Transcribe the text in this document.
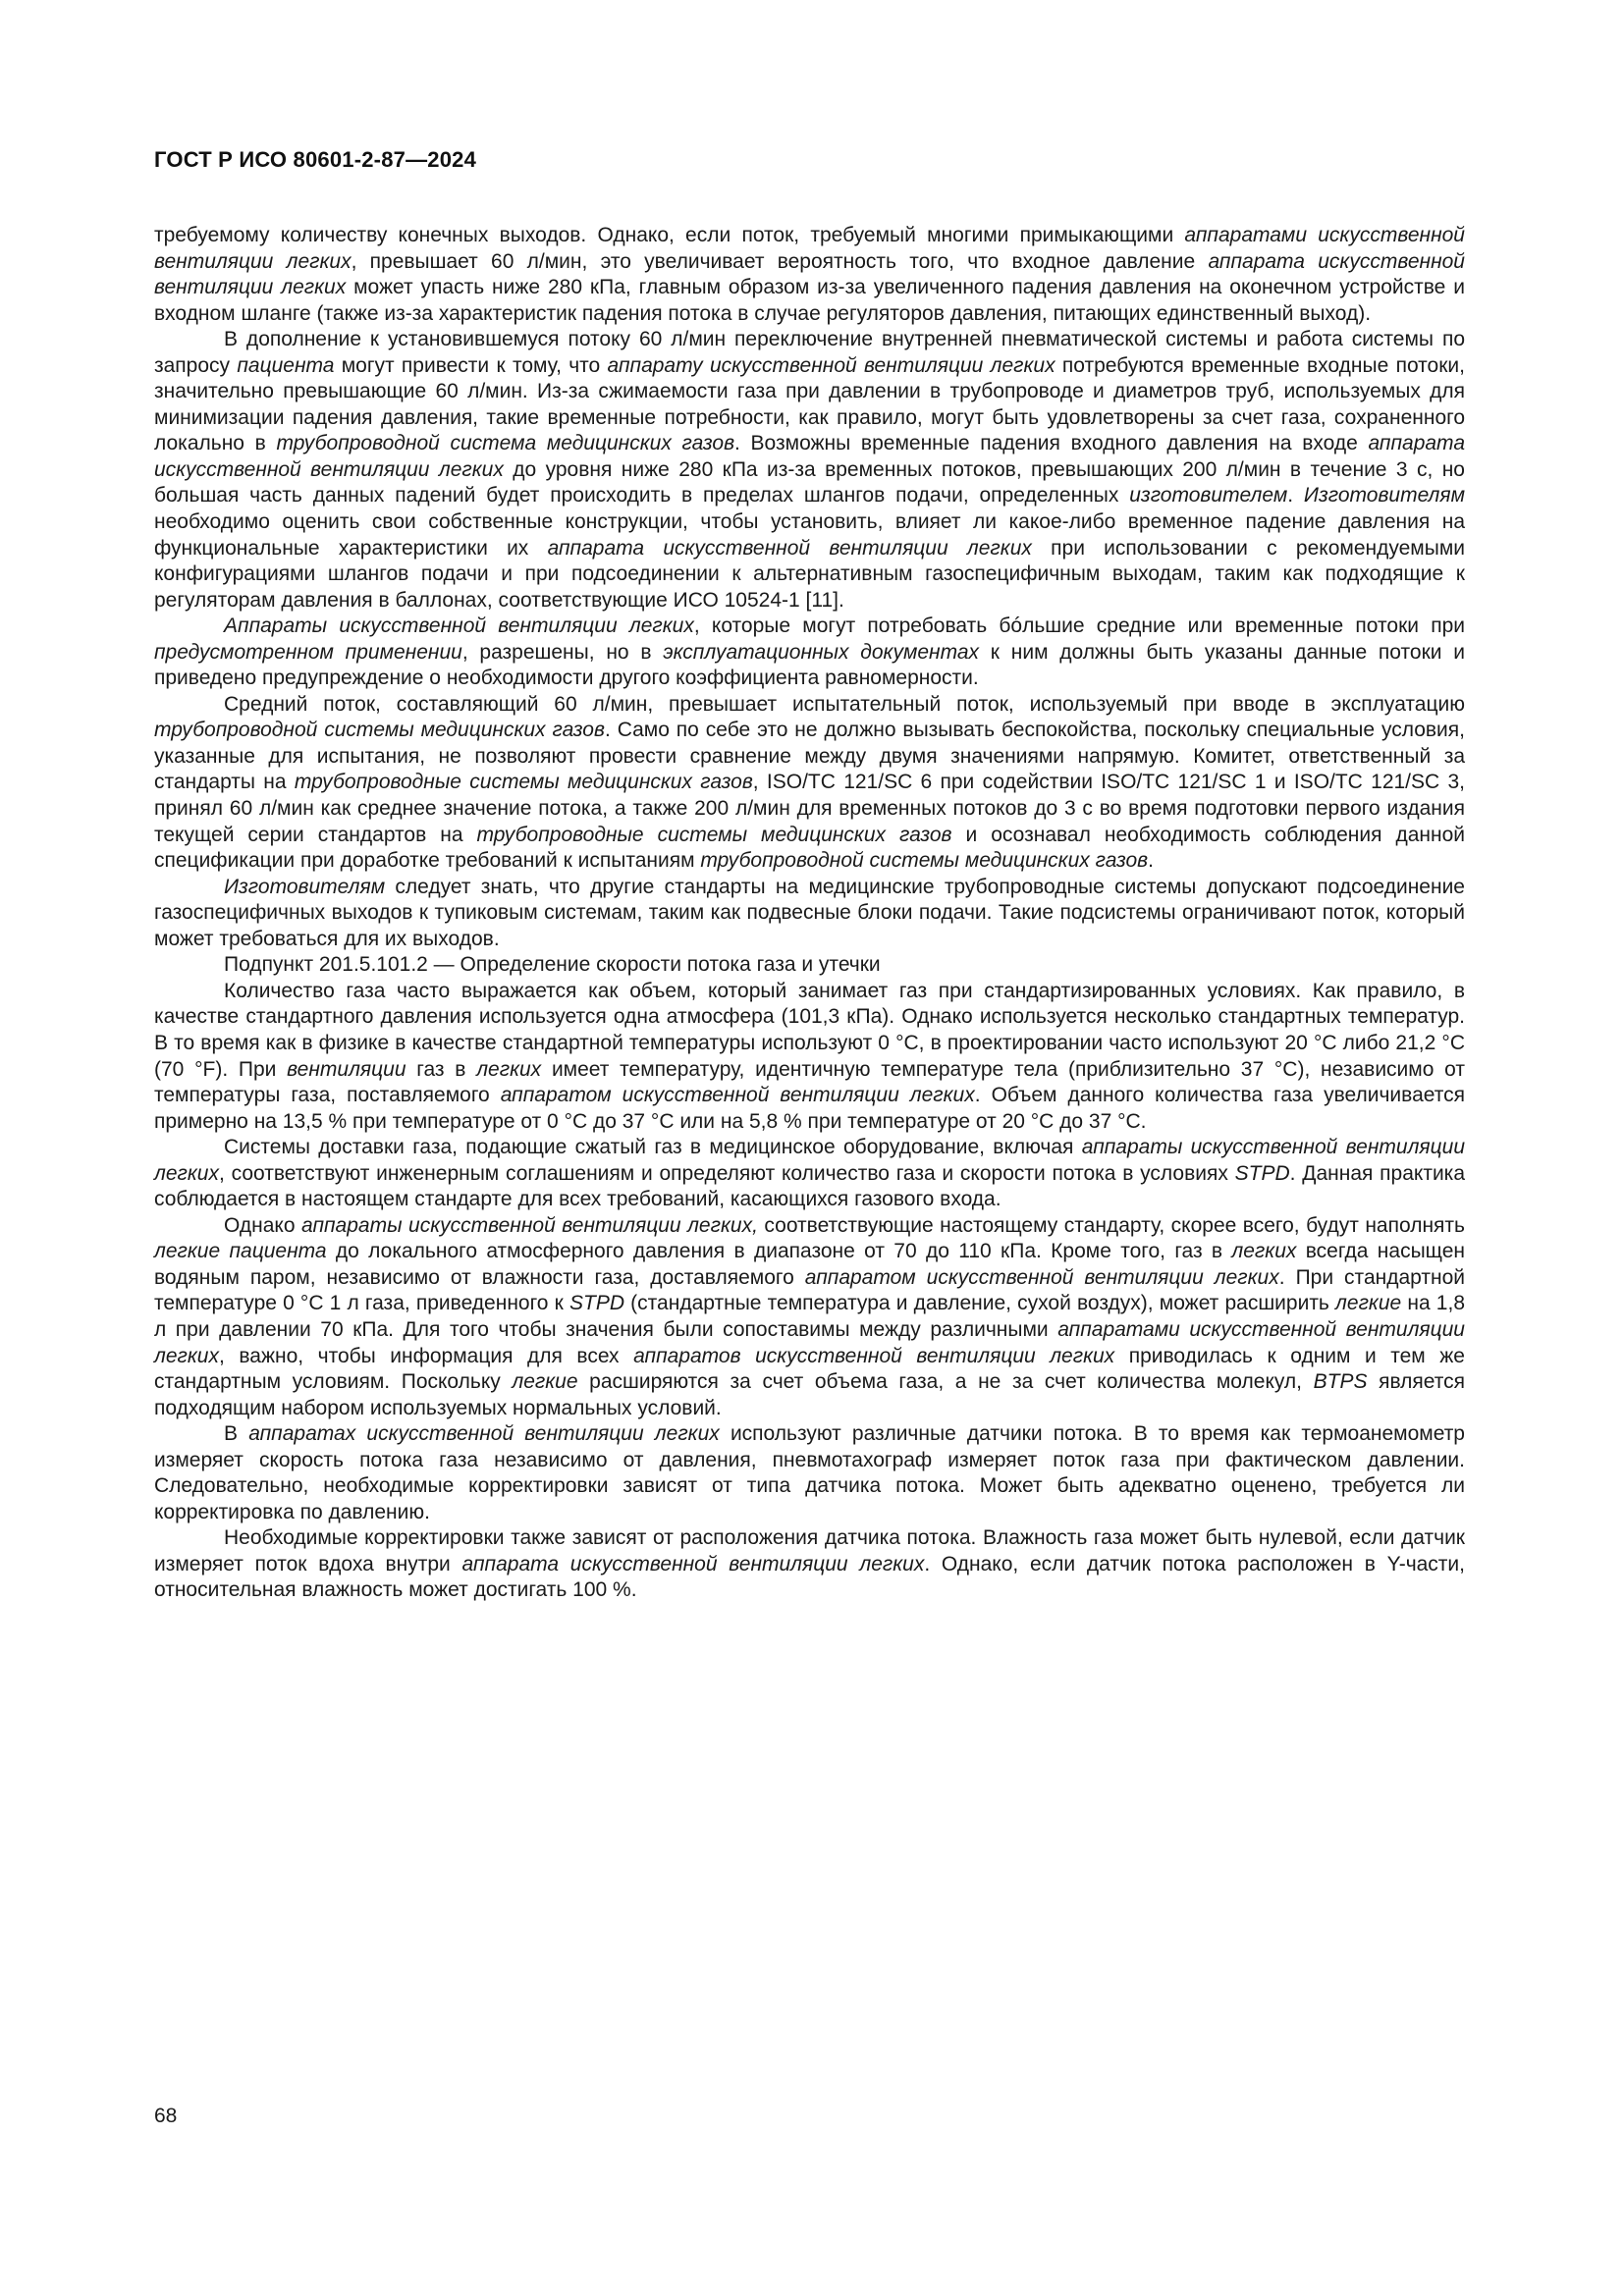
ГОСТ Р ИСО 80601-2-87—2024

требуемому количеству конечных выходов. Однако, если поток, требуемый многими примыкающими аппаратами искусственной вентиляции легких, превышает 60 л/мин, это увеличивает вероятность того, что входное давление аппарата искусственной вентиляции легких может упасть ниже 280 кПа, главным образом из-за увеличенного падения давления на оконечном устройстве и входном шланге (также из-за характеристик падения потока в случае регуляторов давления, питающих единственный выход).

В дополнение к установившемуся потоку 60 л/мин переключение внутренней пневматической системы и работа системы по запросу пациента могут привести к тому, что аппарату искусственной вентиляции легких потребуются временные входные потоки, значительно превышающие 60 л/мин. Из-за сжимаемости газа при давлении в трубопроводе и диаметров труб, используемых для минимизации падения давления, такие временные потребности, как правило, могут быть удовлетворены за счет газа, сохраненного локально в трубопроводной система медицинских газов. Возможны временные падения входного давления на входе аппарата искусственной вентиляции легких до уровня ниже 280 кПа из-за временных потоков, превышающих 200 л/мин в течение 3 с, но большая часть данных падений будет происходить в пределах шлангов подачи, определенных изготовителем. Изготовителям необходимо оценить свои собственные конструкции, чтобы установить, влияет ли какое-либо временное падение давления на функциональные характеристики их аппарата искусственной вентиляции легких при использовании с рекомендуемыми конфигурациями шлангов подачи и при подсоединении к альтернативным газоспецифичным выходам, таким как подходящие к регуляторам давления в баллонах, соответствующие ИСО 10524-1 [11].

Аппараты искусственной вентиляции легких, которые могут потребовать бóльшие средние или временные потоки при предусмотренном применении, разрешены, но в эксплуатационных документах к ним должны быть указаны данные потоки и приведено предупреждение о необходимости другого коэффициента равномерности.

Средний поток, составляющий 60 л/мин, превышает испытательный поток, используемый при вводе в эксплуатацию трубопроводной системы медицинских газов. Само по себе это не должно вызывать беспокойства, поскольку специальные условия, указанные для испытания, не позволяют провести сравнение между двумя значениями напрямую. Комитет, ответственный за стандарты на трубопроводные системы медицинских газов, ISO/TC 121/SC 6 при содействии ISO/TC 121/SC 1 и ISO/TC 121/SC 3, принял 60 л/мин как среднее значение потока, а также 200 л/мин для временных потоков до 3 с во время подготовки первого издания текущей серии стандартов на трубопроводные системы медицинских газов и осознавал необходимость соблюдения данной спецификации при доработке требований к испытаниям трубопроводной системы медицинских газов.

Изготовителям следует знать, что другие стандарты на медицинские трубопроводные системы допускают подсоединение газоспецифичных выходов к тупиковым системам, таким как подвесные блоки подачи. Такие подсистемы ограничивают поток, который может требоваться для их выходов.

Подпункт 201.5.101.2 — Определение скорости потока газа и утечки

Количество газа часто выражается как объем, который занимает газ при стандартизированных условиях. Как правило, в качестве стандартного давления используется одна атмосфера (101,3 кПа). Однако используется несколько стандартных температур. В то время как в физике в качестве стандартной температуры используют 0 °С, в проектировании часто используют 20 °С либо 21,2 °С (70 °F). При вентиляции газ в легких имеет температуру, идентичную температуре тела (приблизительно 37 °С), независимо от температуры газа, поставляемого аппаратом искусственной вентиляции легких. Объем данного количества газа увеличивается примерно на 13,5 % при температуре от 0 °С до 37 °С или на 5,8 % при температуре от 20 °С до 37 °С.

Системы доставки газа, подающие сжатый газ в медицинское оборудование, включая аппараты искусственной вентиляции легких, соответствуют инженерным соглашениям и определяют количество газа и скорости потока в условиях STPD. Данная практика соблюдается в настоящем стандарте для всех требований, касающихся газового входа.

Однако аппараты искусственной вентиляции легких, соответствующие настоящему стандарту, скорее всего, будут наполнять легкие пациента до локального атмосферного давления в диапазоне от 70 до 110 кПа. Кроме того, газ в легких всегда насыщен водяным паром, независимо от влажности газа, доставляемого аппаратом искусственной вентиляции легких. При стандартной температуре 0 °С 1 л газа, приведенного к STPD (стандартные температура и давление, сухой воздух), может расширить легкие на 1,8 л при давлении 70 кПа. Для того чтобы значения были сопоставимы между различными аппаратами искусственной вентиляции легких, важно, чтобы информация для всех аппаратов искусственной вентиляции легких приводилась к одним и тем же стандартным условиям. Поскольку легкие расширяются за счет объема газа, а не за счет количества молекул, BTPS является подходящим набором используемых нормальных условий.

В аппаратах искусственной вентиляции легких используют различные датчики потока. В то время как термоанемометр измеряет скорость потока газа независимо от давления, пневмотахограф измеряет поток газа при фактическом давлении. Следовательно, необходимые корректировки зависят от типа датчика потока. Может быть адекватно оценено, требуется ли корректировка по давлению.

Необходимые корректировки также зависят от расположения датчика потока. Влажность газа может быть нулевой, если датчик измеряет поток вдоха внутри аппарата искусственной вентиляции легких. Однако, если датчик потока расположен в Y-части, относительная влажность может достигать 100 %.

68
